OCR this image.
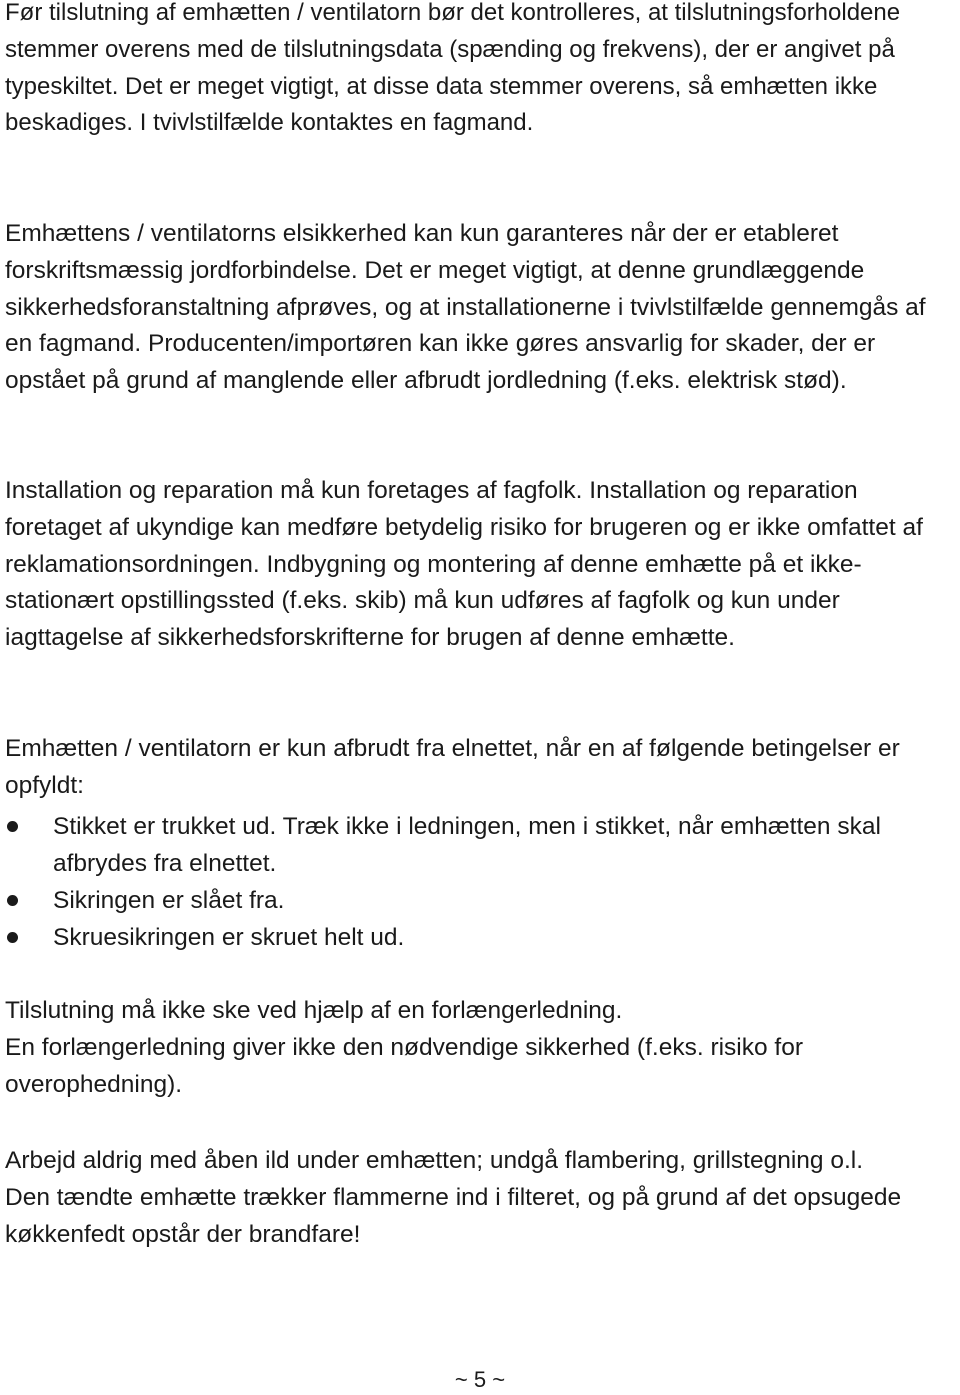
Før tilslutning af emhætten / ventilatorn bør det kontrolleres, at tilslutningsforholdene stemmer overens med de tilslutningsdata (spænding og frekvens), der er angivet på typeskiltet. Det er meget vigtigt, at disse data stemmer overens, så emhætten ikke beskadiges. I tvivlstilfælde kontaktes en fagmand.

Emhættens / ventilatorns elsikkerhed kan kun garanteres når der er etableret forskriftsmæssig jordforbindelse. Det er meget vigtigt, at denne grundlæggende sikkerhedsforanstaltning afprøves, og at installationerne i tvivlstilfælde gennemgås af en fagmand. Producenten/importøren kan ikke gøres ansvarlig for skader, der er opstået på grund af manglende eller afbrudt jordledning (f.eks. elektrisk stød).

Installation og reparation må kun foretages af fagfolk. Installation og reparation foretaget af ukyndige kan medføre betydelig risiko for brugeren og er ikke omfattet af reklamationsordningen. Indbygning og montering af denne emhætte på et ikke-stationært opstillingssted (f.eks. skib) må kun udføres af fagfolk og kun under iagttagelse af sikkerhedsforskrifterne for brugen af denne emhætte.

Emhætten / ventilatorn er kun afbrudt fra elnettet, når en af følgende betingelser er opfyldt:

Stikket er trukket ud. Træk ikke i ledningen, men i stikket, når emhætten skal afbrydes fra elnettet.
Sikringen er slået fra.
Skruesikringen er skruet helt ud.

Tilslutning må ikke ske ved hjælp af en forlængerledning.
En forlængerledning giver ikke den nødvendige sikkerhed (f.eks. risiko for overophedning).

Arbejd aldrig med åben ild under emhætten; undgå flambering, grillstegning o.l.
Den tændte emhætte trækker flammerne ind i filteret, og på grund af det opsugede køkkenfedt opstår der brandfare!

~ 5 ~
